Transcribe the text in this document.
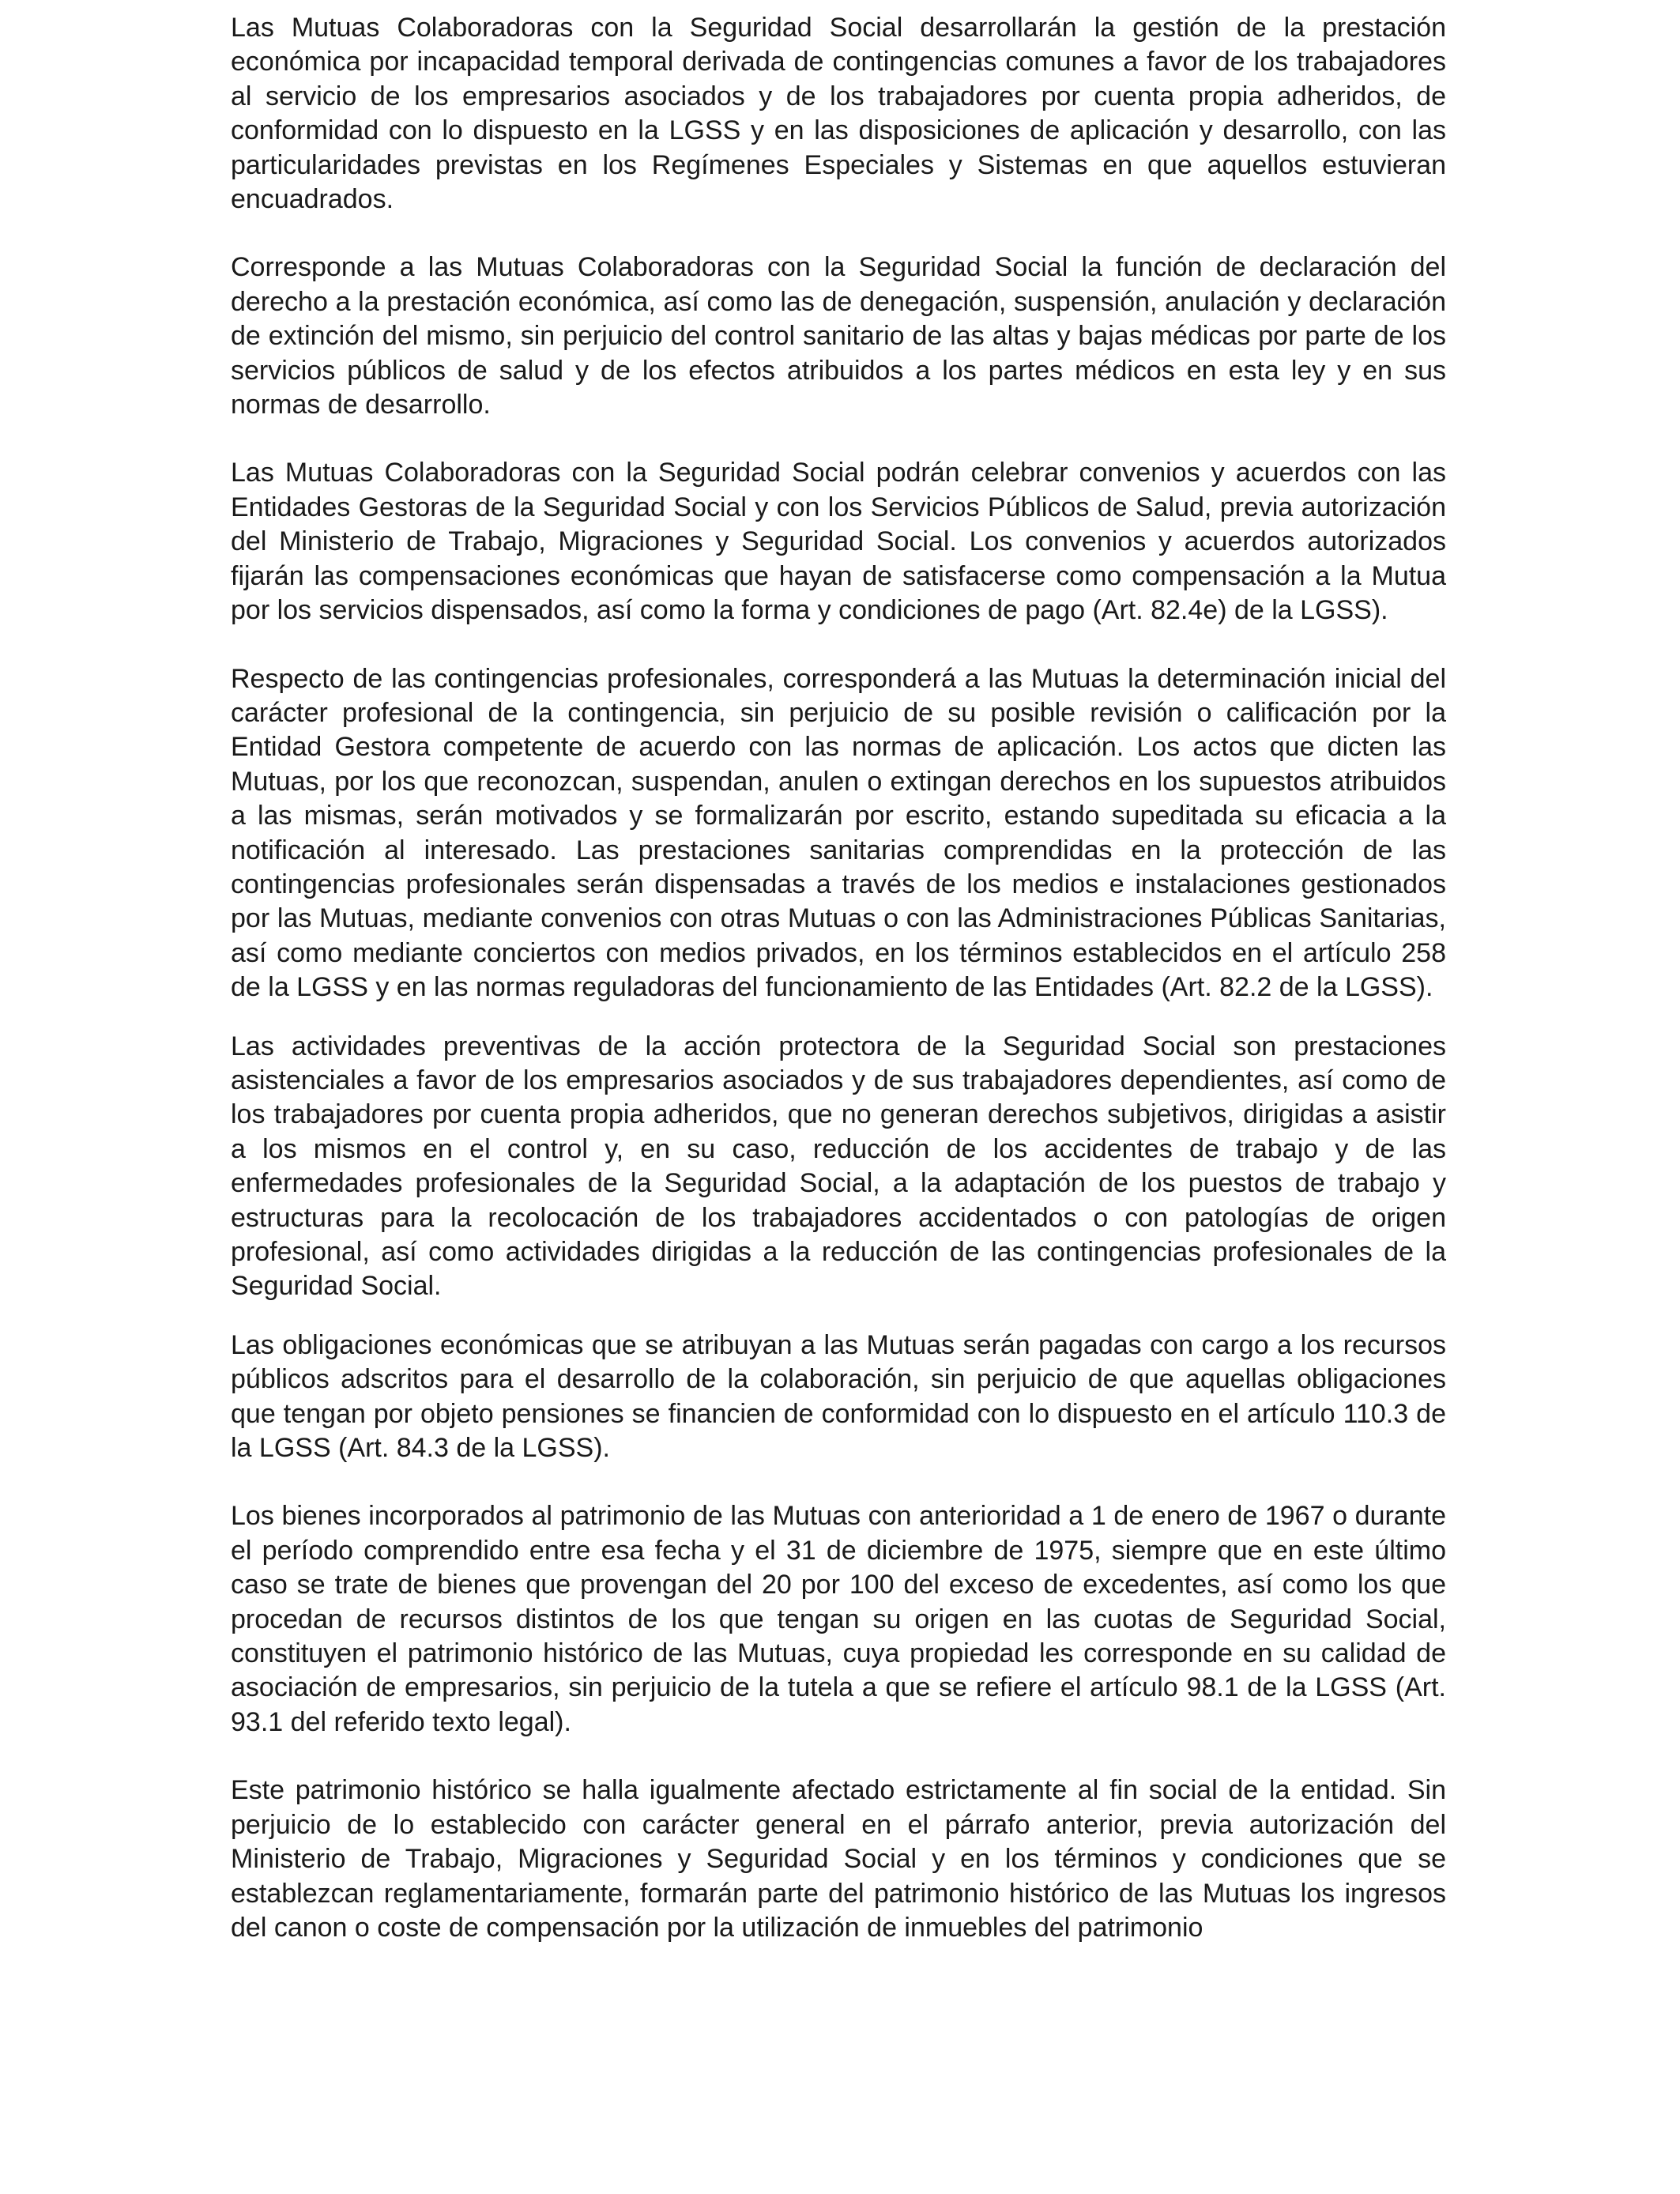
Las Mutuas Colaboradoras con la Seguridad Social desarrollarán la gestión de la prestación económica por incapacidad temporal derivada de contingencias comunes a favor de los trabajadores al servicio de los empresarios asociados y de los trabajadores por cuenta propia adheridos, de conformidad con lo dispuesto en la LGSS y en las disposiciones de aplicación y desarrollo, con las particularidades previstas en los Regímenes Especiales y Sistemas en que aquellos estuvieran encuadrados.

Corresponde a las Mutuas Colaboradoras con la Seguridad Social la función de declaración del derecho a la prestación económica, así como las de denegación, suspensión, anulación y declaración de extinción del mismo, sin perjuicio del control sanitario de las altas y bajas médicas por parte de los servicios públicos de salud y de los efectos atribuidos a los partes médicos en esta ley y en sus normas de desarrollo.

Las Mutuas Colaboradoras con la Seguridad Social podrán celebrar convenios y acuerdos con las Entidades Gestoras de la Seguridad Social y con los Servicios Públicos de Salud, previa autorización del Ministerio de Trabajo, Migraciones y Seguridad Social. Los convenios y acuerdos autorizados fijarán las compensaciones económicas que hayan de satisfacerse como compensación a la Mutua por los servicios dispensados, así como la forma y condiciones de pago (Art. 82.4e) de la LGSS).

Respecto de las contingencias profesionales, corresponderá a las Mutuas la determinación inicial del carácter profesional de la contingencia, sin perjuicio de su posible revisión o calificación por la Entidad Gestora competente de acuerdo con las normas de aplicación. Los actos que dicten las Mutuas, por los que reconozcan, suspendan, anulen o extingan derechos en los supuestos atribuidos a las mismas, serán motivados y se formalizarán por escrito, estando supeditada su eficacia a la notificación al interesado. Las prestaciones sanitarias comprendidas en la protección de las contingencias profesionales serán dispensadas a través de los medios e instalaciones gestionados por las Mutuas, mediante convenios con otras Mutuas o con las Administraciones Públicas Sanitarias, así como mediante conciertos con medios privados, en los términos establecidos en el artículo 258 de la LGSS y en las normas reguladoras del funcionamiento de las Entidades (Art. 82.2 de la LGSS).

Las actividades preventivas de la acción protectora de la Seguridad Social son prestaciones asistenciales a favor de los empresarios asociados y de sus trabajadores dependientes, así como de los trabajadores por cuenta propia adheridos, que no generan derechos subjetivos, dirigidas a asistir a los mismos en el control y, en su caso, reducción de los accidentes de trabajo y de las enfermedades profesionales de la Seguridad Social, a la adaptación de los puestos de trabajo y estructuras para la recolocación de los trabajadores accidentados o con patologías de origen profesional, así como actividades dirigidas a la reducción de las contingencias profesionales de la Seguridad Social.

Las obligaciones económicas que se atribuyan a las Mutuas serán pagadas con cargo a los recursos públicos adscritos para el desarrollo de la colaboración, sin perjuicio de que aquellas obligaciones que tengan por objeto pensiones se financien de conformidad con lo dispuesto en el artículo 110.3 de la LGSS (Art. 84.3 de la LGSS).

Los bienes incorporados al patrimonio de las Mutuas con anterioridad a 1 de enero de 1967 o durante el período comprendido entre esa fecha y el 31 de diciembre de 1975, siempre que en este último caso se trate de bienes que provengan del 20 por 100 del exceso de excedentes, así como los que procedan de recursos distintos de los que tengan su origen en las cuotas de Seguridad Social, constituyen el patrimonio histórico de las Mutuas, cuya propiedad les corresponde en su calidad de asociación de empresarios, sin perjuicio de la tutela a que se refiere el artículo 98.1 de la LGSS (Art. 93.1 del referido texto legal).

Este patrimonio histórico se halla igualmente afectado estrictamente al fin social de la entidad. Sin perjuicio de lo establecido con carácter general en el párrafo anterior, previa autorización del Ministerio de Trabajo, Migraciones y Seguridad Social y en los términos y condiciones que se establezcan reglamentariamente, formarán parte del patrimonio histórico de las Mutuas los ingresos del canon o coste de compensación por la utilización de inmuebles del patrimonio
